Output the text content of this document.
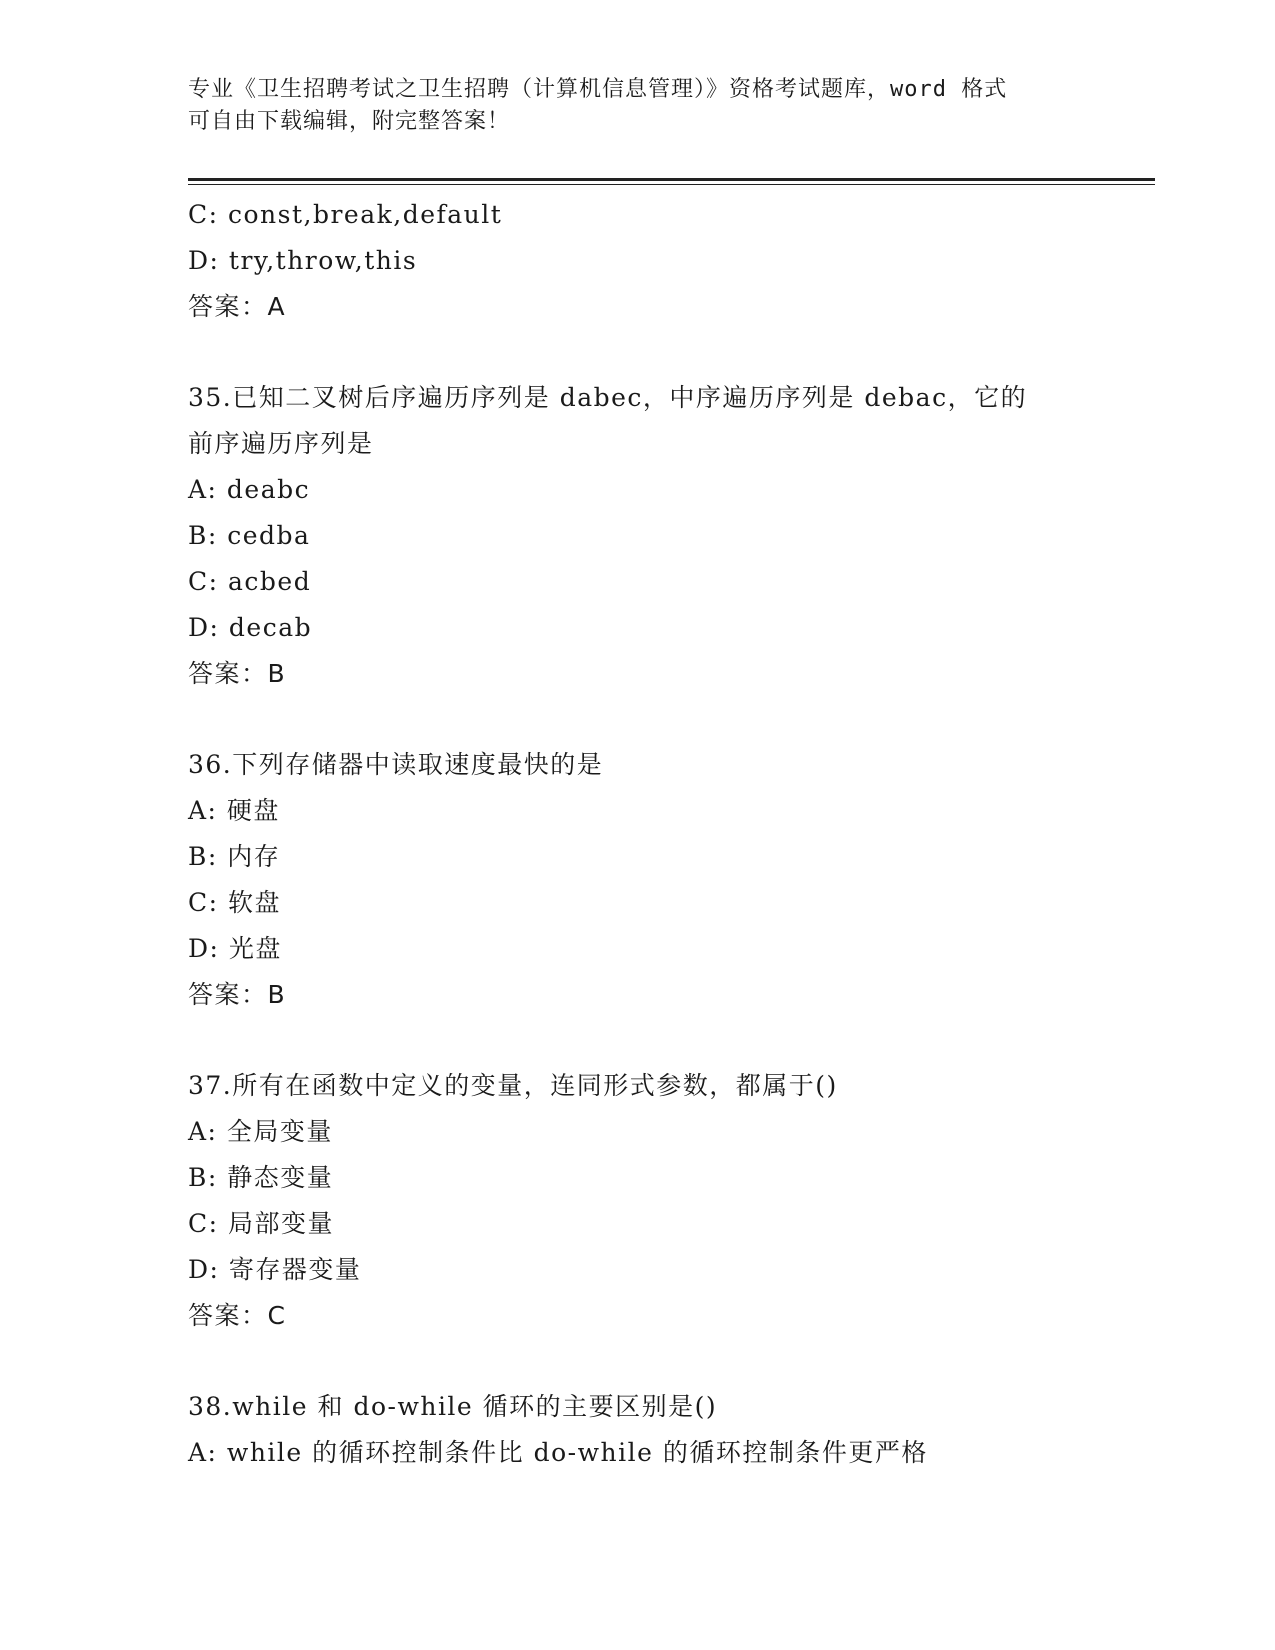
专业《卫生招聘考试之卫生招聘（计算机信息管理）》资格考试题库，word 格式
可自由下载编辑，附完整答案！
C: const,break,default
D: try,throw,this
答案：A
35.已知二叉树后序遍历序列是 dabec，中序遍历序列是 debac，它的
前序遍历序列是
A: deabc
B: cedba
C: acbed
D: decab
答案：B
36.下列存储器中读取速度最快的是
A: 硬盘
B: 内存
C: 软盘
D: 光盘
答案：B
37.所有在函数中定义的变量，连同形式参数，都属于()
A: 全局变量
B: 静态变量
C: 局部变量
D: 寄存器变量
答案：C
38.while 和 do-while 循环的主要区别是()
A: while 的循环控制条件比 do-while 的循环控制条件更严格
